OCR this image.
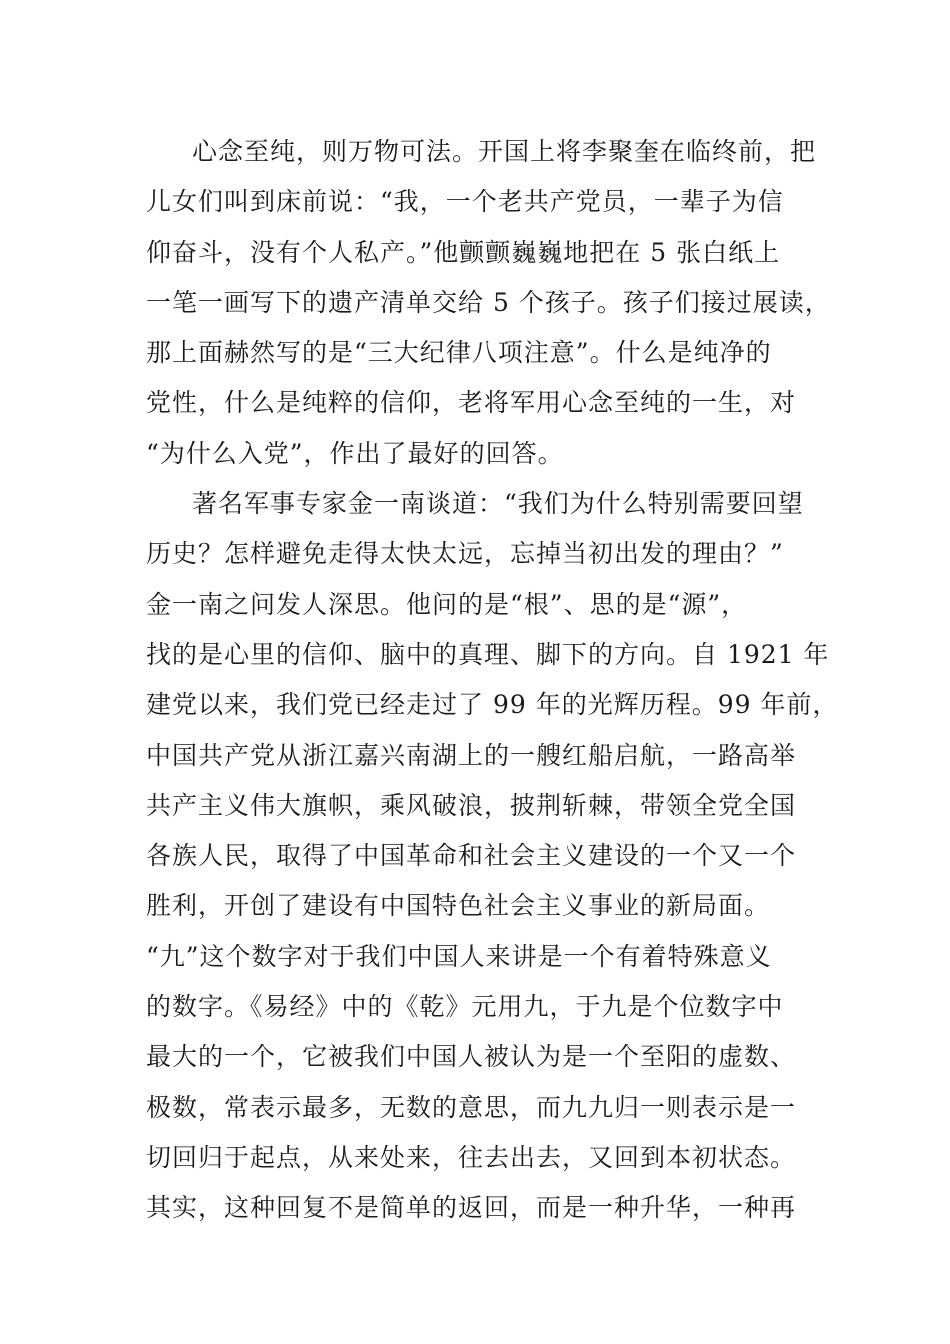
心念至纯，则万物可法。开国上将李聚奎在临终前，把
儿女们叫到床前说：“我，一个老共产党员，一辈子为信
仰奋斗，没有个人私产。”他颤颤巍巍地把在 5 张白纸上
一笔一画写下的遗产清单交给 5 个孩子。孩子们接过展读，
那上面赫然写的是“三大纪律八项注意”。什么是纯净的
党性，什么是纯粹的信仰，老将军用心念至纯的一生，对
“为什么入党”，作出了最好的回答。
著名军事专家金一南谈道：“我们为什么特别需要回望
历史？怎样避免走得太快太远，忘掉当初出发的理由？”
金一南之问发人深思。他问的是“根”、思的是“源”，
找的是心里的信仰、脑中的真理、脚下的方向。自 1921 年
建党以来，我们党已经走过了 99 年的光辉历程。99 年前，
中国共产党从浙江嘉兴南湖上的一艘红船启航，一路高举
共产主义伟大旗帜，乘风破浪，披荆斩棘，带领全党全国
各族人民，取得了中国革命和社会主义建设的一个又一个
胜利，开创了建设有中国特色社会主义事业的新局面。
“九”这个数字对于我们中国人来讲是一个有着特殊意义
的数字。《易经》中的《乾》元用九，于九是个位数字中
最大的一个，它被我们中国人被认为是一个至阳的虚数、
极数，常表示最多，无数的意思，而九九归一则表示是一
切回归于起点，从来处来，往去出去，又回到本初状态。
其实，这种回复不是简单的返回，而是一种升华，一种再
